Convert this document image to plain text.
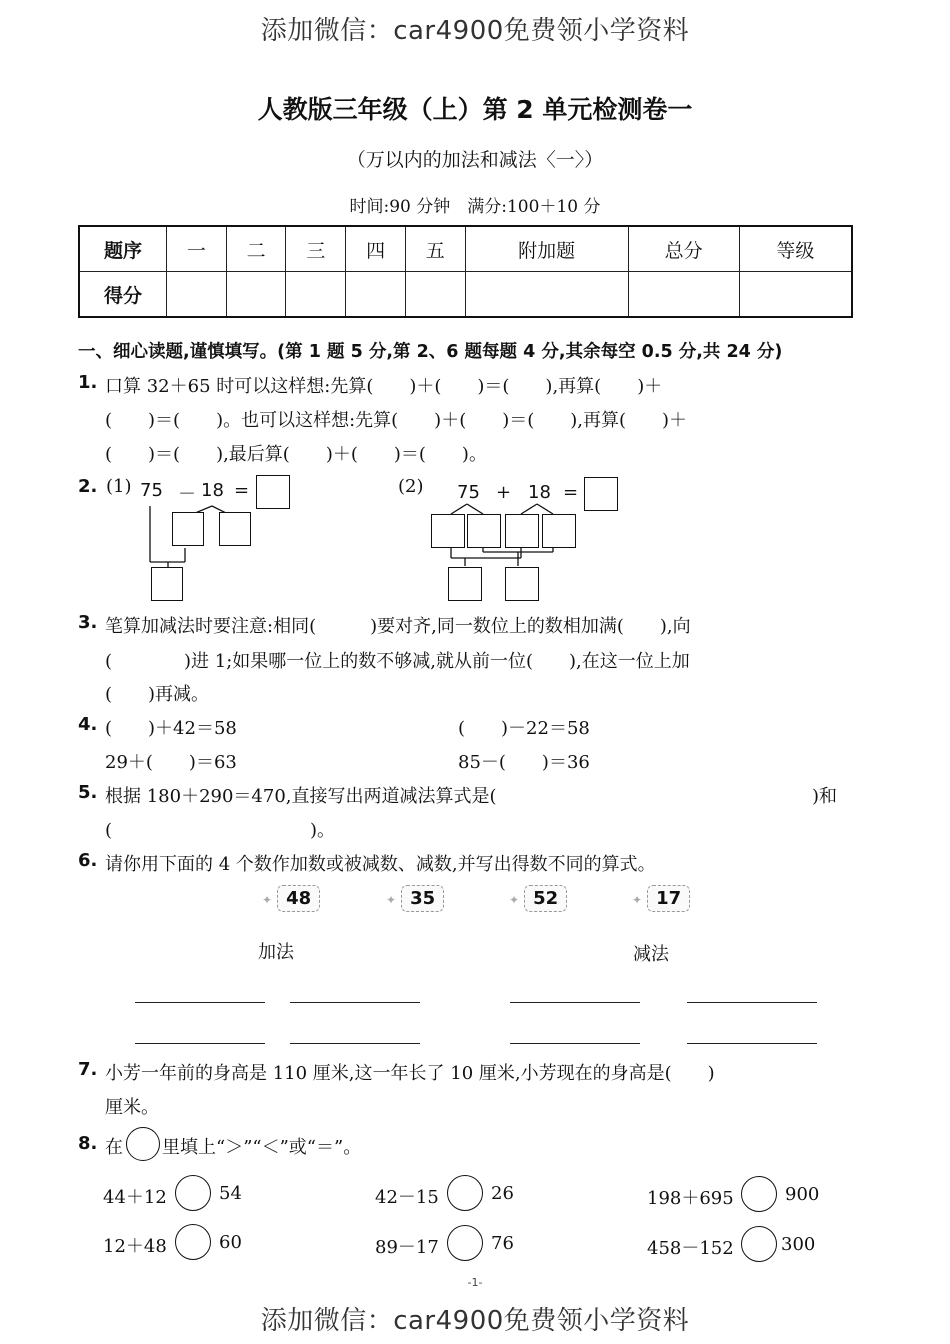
添加微信：car4900免费领小学资料
人教版三年级（上）第 2 单元检测卷一
（万以内的加法和减法〈一〉）
时间:90 分钟　满分:100＋10 分
题序	一	二	三	四	五	附加题	总分	等级
得分								
一、细心读题,谨慎填写。(第 1 题 5 分,第 2、6 题每题 4 分,其余每空 0.5 分,共 24 分)
1. 口算 32＋65 时可以这样想:先算(　　)＋(　　)＝(　　),再算(　　)＋
(　　)＝(　　)。也可以这样想:先算(　　)＋(　　)＝(　　),再算(　　)＋
(　　)＝(　　),最后算(　　)＋(　　)＝(　　)。
2. (1) 75 － 18 =	(2) 75 + 18 =
3. 笔算加减法时要注意:相同(　　　)要对齐,同一数位上的数相加满(　　),向
(　　　　)进 1;如果哪一位上的数不够减,就从前一位(　　),在这一位上加
(　　)再减。
4. (　　)＋42＝58	(　　)－22＝58
29＋(　　)＝63	85－(　　)＝36
5. 根据 180＋290＝470,直接写出两道减法算式是(	)和
(　　　　　　　　　　　)。
6. 请你用下面的 4 个数作加数或被减数、减数,并写出得数不同的算式。
✦ 48	✦ 35	✦ 52	✦ 17
加法	减法
7. 小芳一年前的身高是 110 厘米,这一年长了 10 厘米,小芳现在的身高是(　　)
厘米。
8. 在 里填上“＞”“＜”或“＝”。
44＋12	54	42－15	26	198＋695	900
12＋48	60	89－17	76	458－152	300
-1-
添加微信：car4900免费领小学资料
